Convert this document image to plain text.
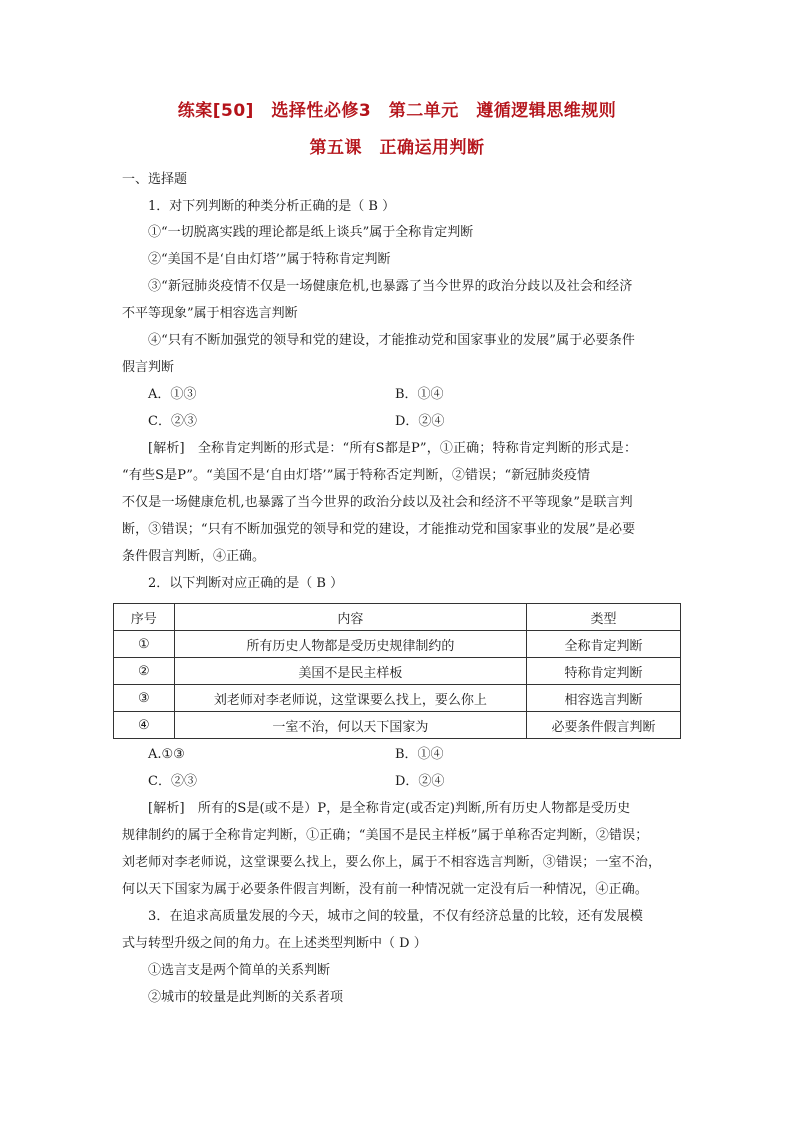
练案[50]　选择性必修3　第二单元　遵循逻辑思维规则
第五课　正确运用判断
一、选择题
1．对下列判断的种类分析正确的是（ B ）
①“一切脱离实践的理论都是纸上谈兵”属于全称肯定判断
②“美国不是‘自由灯塔’”属于特称肯定判断
③“新冠肺炎疫情不仅是一场健康危机,也暴露了当今世界的政治分歧以及社会和经济
不平等现象”属于相容选言判断
④“只有不断加强党的领导和党的建设，才能推动党和国家事业的发展”属于必要条件
假言判断
A．①③	B．①④
C．②③	D．②④
[解析]　全称肯定判断的形式是：“所有S都是P”，①正确；特称肯定判断的形式是：
“有些S是P”。“美国不是‘自由灯塔’”属于特称否定判断，②错误；“新冠肺炎疫情
不仅是一场健康危机,也暴露了当今世界的政治分歧以及社会和经济不平等现象”是联言判
断，③错误；“只有不断加强党的领导和党的建设，才能推动党和国家事业的发展”是必要
条件假言判断，④正确。
2．以下判断对应正确的是（ B ）
序号	内容	类型
①	所有历史人物都是受历史规律制约的	全称肯定判断
②	美国不是民主样板	特称肯定判断
③	刘老师对李老师说，这堂课要么找上，要么你上	相容选言判断
④	一室不治，何以天下国家为	必要条件假言判断
A.①③	B．①④
C．②③	D．②④
[解析]　所有的S是(或不是）P，是全称肯定(或否定)判断,所有历史人物都是受历史
规律制约的属于全称肯定判断，①正确；“美国不是民主样板”属于单称否定判断，②错误；
刘老师对李老师说，这堂课要么找上，要么你上，属于不相容选言判断，③错误；一室不治，
何以天下国家为属于必要条件假言判断，没有前一种情况就一定没有后一种情况，④正确。
3．在追求高质量发展的今天，城市之间的较量，不仅有经济总量的比较，还有发展模
式与转型升级之间的角力。在上述类型判断中（ D ）
①选言支是两个简单的关系判断
②城市的较量是此判断的关系者项
